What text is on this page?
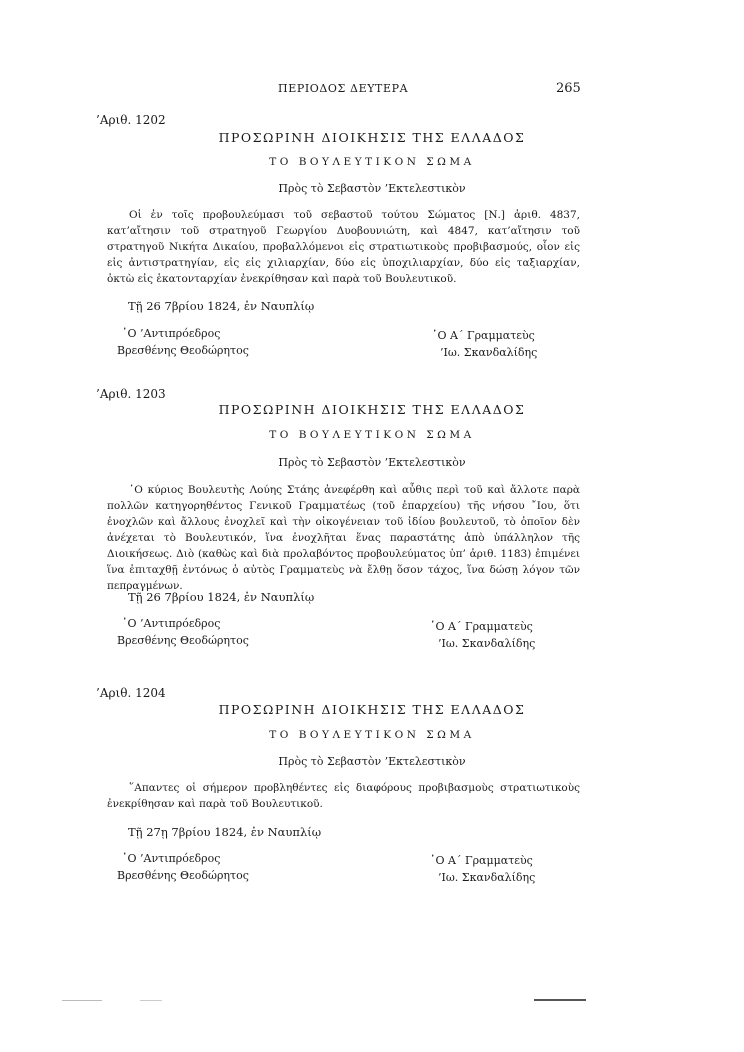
ΠΕΡΙΟΔΟΣ ΔΕΥΤΕΡΑ	265
’Αριθ. 1202
ΠΡΟΣΩΡΙΝΗ ΔΙΟΙΚΗΣΙΣ ΤΗΣ ΕΛΛΑΔΟΣ
ΤΟ ΒΟΥΛΕΥΤΙΚΟΝ ΣΩΜΑ
Πρὸς τὸ Σεβαστὸν ’Εκτελεστικὸν
Οἱ ἐν τοῖς προβουλεύμασι τοῦ σεβαστοῦ τούτου Σώματος [Ν.] ἀριθ. 4837, κατ’αἴτησιν τοῦ στρατηγοῦ Γεωργίου Δυοβουνιώτη, καὶ 4847, κατ’αἴτησιν τοῦ στρατηγοῦ Νικήτα Δικαίου, προβαλλόμενοι εἰς στρατιωτικοὺς προβιβασμούς, οἷον εἰς εἰς ἀντιστρατηγίαν, εἰς εἰς χιλιαρχίαν, δύο εἰς ὑποχιλιαρχίαν, δύο εἰς ταξιαρχίαν, ὀκτὼ εἰς ἑκατονταρχίαν ἐνεκρίθησαν καὶ παρὰ τοῦ Βουλευτικοῦ.
Τῇ 26 7βρίου 1824, ἐν Ναυπλίῳ
῾Ο ’Αντιπρόεδρος
Βρεσθένης Θεοδώρητος
῾Ο Α΄ Γραμματεὺς
’Ιω. Σκανδαλίδης
’Αριθ. 1203
ΠΡΟΣΩΡΙΝΗ ΔΙΟΙΚΗΣΙΣ ΤΗΣ ΕΛΛΑΔΟΣ
ΤΟ ΒΟΥΛΕΥΤΙΚΟΝ ΣΩΜΑ
Πρὸς τὸ Σεβαστὸν ’Εκτελεστικὸν
῾Ο κύριος Βουλευτὴς Λούης Στάης ἀνεφέρθη καὶ αὖθις περὶ τοῦ καὶ ἄλλοτε παρὰ πολλῶν κατηγορηθέντος Γενικοῦ Γραμματέως (τοῦ ἐπαρχείου) τῆς νήσου ῎Ιου, ὅτι ἐνοχλῶν καὶ ἄλλους ἐνοχλεῖ καὶ τὴν οἰκογένειαν τοῦ ἰδίου βουλευτοῦ, τὸ ὁποῖον δὲν ἀνέχεται τὸ Βουλευτικόν, ἵνα ἐνοχλῆται ἕνας παραστάτης ἀπὸ ὑπάλληλον τῆς Διοικήσεως. Διὸ (καθὼς καὶ διὰ προλαβόντος προβουλεύματος ὑπ’ ἀριθ. 1183) ἐπιμένει ἵνα ἐπιταχθῇ ἐντόνως ὁ αὐτὸς Γραμματεὺς νὰ ἔλθῃ ὅσον τάχος, ἵνα δώσῃ λόγον τῶν πεπραγμένων.
Τῇ 26 7βρίου 1824, ἐν Ναυπλίῳ
῾Ο ’Αντιπρόεδρος
Βρεσθένης Θεοδώρητος
῾Ο Α΄ Γραμματεὺς
’Ιω. Σκανδαλίδης
’Αριθ. 1204
ΠΡΟΣΩΡΙΝΗ ΔΙΟΙΚΗΣΙΣ ΤΗΣ ΕΛΛΑΔΟΣ
ΤΟ ΒΟΥΛΕΥΤΙΚΟΝ ΣΩΜΑ
Πρὸς τὸ Σεβαστὸν ’Εκτελεστικὸν
῞Απαντες οἱ σήμερον προβληθέντες εἰς διαφόρους προβιβασμοὺς στρατιωτικοὺς ἐνεκρίθησαν καὶ παρὰ τοῦ Βουλευτικοῦ.
Τῇ 27ῃ 7βρίου 1824, ἐν Ναυπλίῳ
῾Ο ’Αντιπρόεδρος
Βρεσθένης Θεοδώρητος
῾Ο Α΄ Γραμματεὺς
’Ιω. Σκανδαλίδης
